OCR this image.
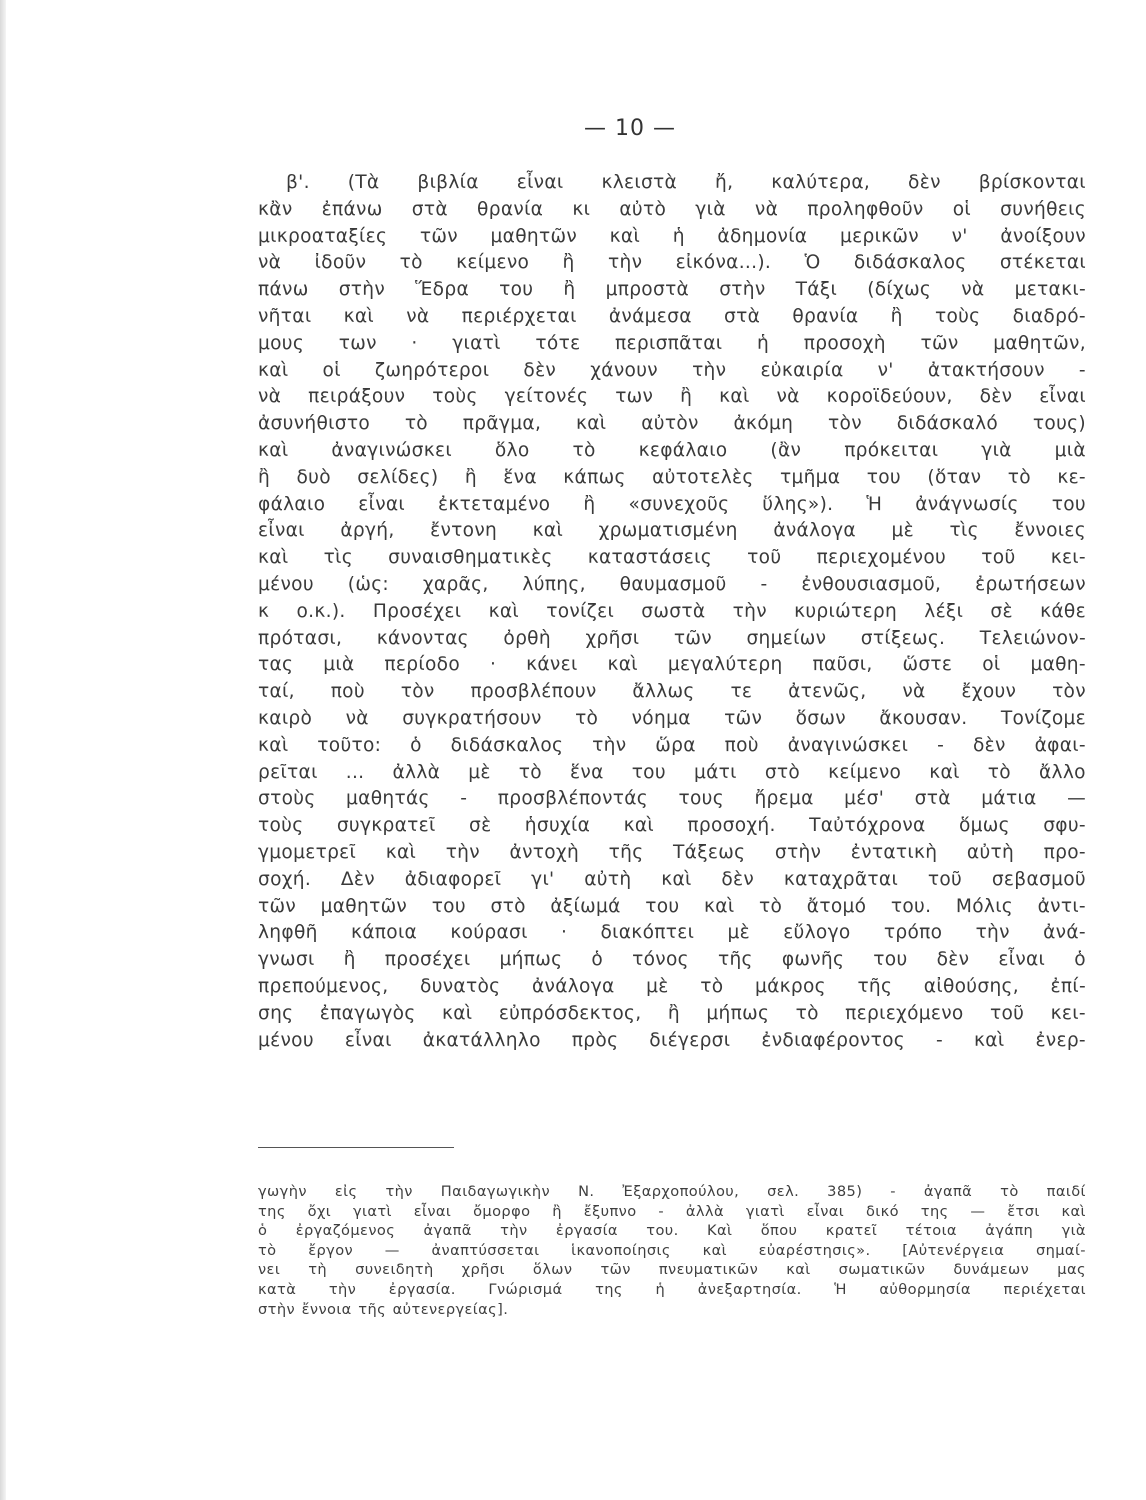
— 10 —
β'. (Τὰ βιβλία εἶναι κλειστὰ ἤ, καλύτερα, δὲν βρίσκονται
κἂν ἐπάνω στὰ θρανία κι αὐτὸ γιὰ νὰ προληφθοῦν οἱ συνήθεις
μικροαταξίες τῶν μαθητῶν καὶ ἡ ἀδημονία μερικῶν ν' ἀνοίξουν
νὰ ἰδοῦν τὸ κείμενο ἢ τὴν εἰκόνα...). Ὁ διδάσκαλος στέκεται
πάνω στὴν Ἕδρα του ἢ μπροστὰ στὴν Τάξι (δίχως νὰ μετακι-
νῆται καὶ νὰ περιέρχεται ἀνάμεσα στὰ θρανία ἢ τοὺς διαδρό-
μους των · γιατὶ τότε περισπᾶται ἡ προσοχὴ τῶν μαθητῶν,
καὶ οἱ ζωηρότεροι δὲν χάνουν τὴν εὐκαιρία ν' ἀτακτήσουν -
νὰ πειράξουν τοὺς γείτονές των ἢ καὶ νὰ κοροϊδεύουν, δὲν εἶναι
ἀσυνήθιστο τὸ πρᾶγμα, καὶ αὐτὸν ἀκόμη τὸν διδάσκαλό τους)
καὶ ἀναγινώσκει ὅλο τὸ κεφάλαιο (ἂν πρόκειται γιὰ μιὰ
ἢ δυὸ σελίδες) ἢ ἕνα κάπως αὐτοτελὲς τμῆμα του (ὅταν τὸ κε-
φάλαιο εἶναι ἐκτεταμένο ἢ «συνεχοῦς ὕλης»). Ἡ ἀνάγνωσίς του
εἶναι ἀργή, ἔντονη καὶ χρωματισμένη ἀνάλογα μὲ τὶς ἔννοιες
καὶ τὶς συναισθηματικὲς καταστάσεις τοῦ περιεχομένου τοῦ κει-
μένου (ὡς: χαρᾶς, λύπης, θαυμασμοῦ - ἐνθουσιασμοῦ, ἐρωτήσεων
κ ο.κ.). Προσέχει καὶ τονίζει σωστὰ τὴν κυριώτερη λέξι σὲ κάθε
πρότασι, κάνοντας ὀρθὴ χρῆσι τῶν σημείων στίξεως. Τελειώνον-
τας μιὰ περίοδο · κάνει καὶ μεγαλύτερη παῦσι, ὥστε οἱ μαθη-
ταί, ποὺ τὸν προσβλέπουν ἄλλως τε ἀτενῶς, νὰ ἔχουν τὸν
καιρὸ νὰ συγκρατήσουν τὸ νόημα τῶν ὅσων ἄκουσαν. Τονίζομε
καὶ τοῦτο: ὁ διδάσκαλος τὴν ὥρα ποὺ ἀναγινώσκει - δὲν ἀφαι-
ρεῖται ... ἀλλὰ μὲ τὸ ἕνα του μάτι στὸ κείμενο καὶ τὸ ἄλλο
στοὺς μαθητάς - προσβλέποντάς τους ἤρεμα μέσ' στὰ μάτια —
τοὺς συγκρατεῖ σὲ ἡσυχία καὶ προσοχή. Ταὐτόχρονα ὅμως σφυ-
γμομετρεῖ καὶ τὴν ἀντοχὴ τῆς Τάξεως στὴν ἐντατικὴ αὐτὴ προ-
σοχή. Δὲν ἀδιαφορεῖ γι' αὐτὴ καὶ δὲν καταχρᾶται τοῦ σεβασμοῦ
τῶν μαθητῶν του στὸ ἀξίωμά του καὶ τὸ ἄτομό του. Μόλις ἀντι-
ληφθῆ κάποια κούρασι · διακόπτει μὲ εὔλογο τρόπο τὴν ἀνά-
γνωσι ἢ προσέχει μήπως ὁ τόνος τῆς φωνῆς του δὲν εἶναι ὁ
πρεπούμενος, δυνατὸς ἀνάλογα μὲ τὸ μάκρος τῆς αἰθούσης, ἐπί-
σης ἐπαγωγὸς καὶ εὐπρόσδεκτος, ἢ μήπως τὸ περιεχόμενο τοῦ κει-
μένου εἶναι ἀκατάλληλο πρὸς διέγερσι ἐνδιαφέροντος - καὶ ἐνερ-
γωγὴν εἰς τὴν Παιδαγωγικὴν Ν. Ἐξαρχοπούλου, σελ. 385) - ἀγαπᾶ τὸ παιδί
της ὄχι γιατὶ εἶναι ὄμορφο ἢ ἔξυπνο - ἀλλὰ γιατὶ εἶναι δικό της — ἔτσι καὶ
ὁ ἐργαζόμενος ἀγαπᾶ τὴν ἐργασία του. Καὶ ὅπου κρατεῖ τέτοια ἀγάπη γιὰ
τὸ ἔργον — ἀναπτύσσεται ἱκανοποίησις καὶ εὐαρέστησις». [Αὐτενέργεια σημαί-
νει τὴ συνειδητὴ χρῆσι ὅλων τῶν πνευματικῶν καὶ σωματικῶν δυνάμεων μας
κατὰ τὴν ἐργασία. Γνώρισμά της ἡ ἀνεξαρτησία. Ἡ αὐθορμησία περιέχεται
στὴν ἔννοια τῆς αὐτενεργείας].
